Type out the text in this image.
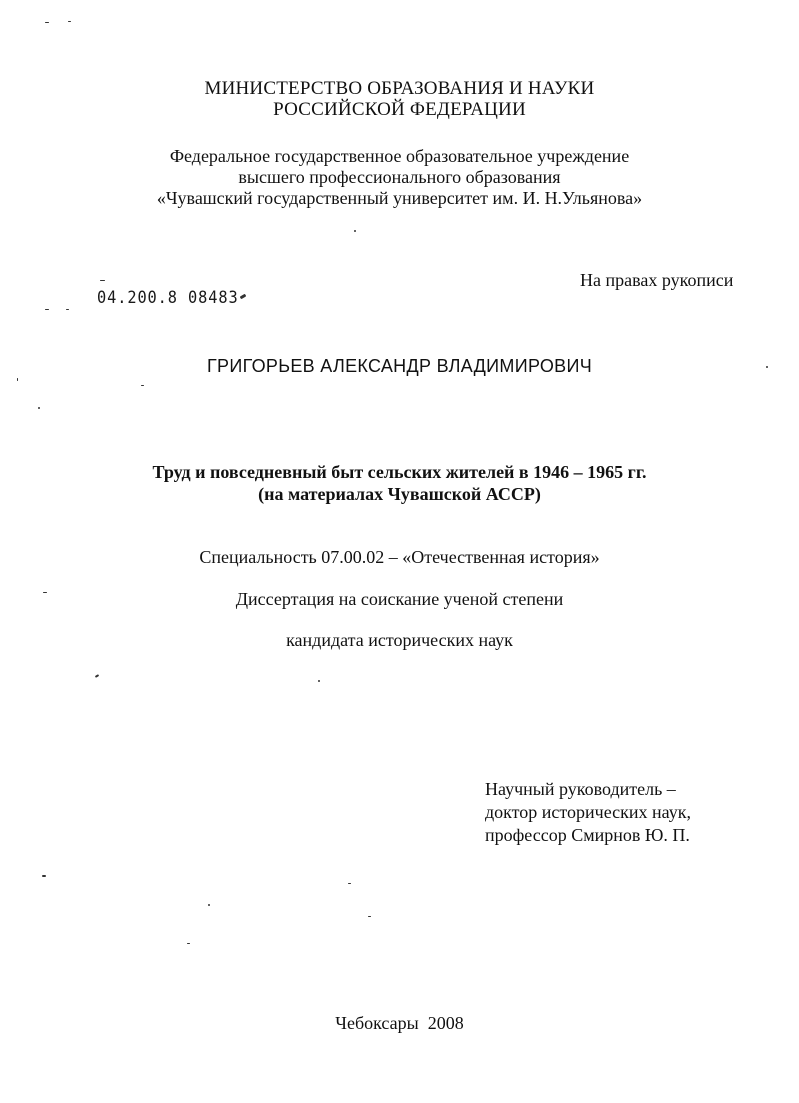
МИНИСТЕРСТВО ОБРАЗОВАНИЯ И НАУКИ
РОССИЙСКОЙ ФЕДЕРАЦИИ
Федеральное государственное образовательное учреждение
высшего профессионального образования
«Чувашский государственный университет им. И. Н.Ульянова»
На правах рукописи
04.200.8 08483
ГРИГОРЬЕВ АЛЕКСАНДР ВЛАДИМИРОВИЧ
Труд и повседневный быт сельских жителей в 1946 – 1965 гг.
(на материалах Чувашской АССР)
Специальность 07.00.02 – «Отечественная история»
Диссертация на соискание ученой степени
кандидата исторических наук
Научный руководитель –
доктор исторических наук,
профессор Смирнов Ю. П.
Чебоксары  2008
